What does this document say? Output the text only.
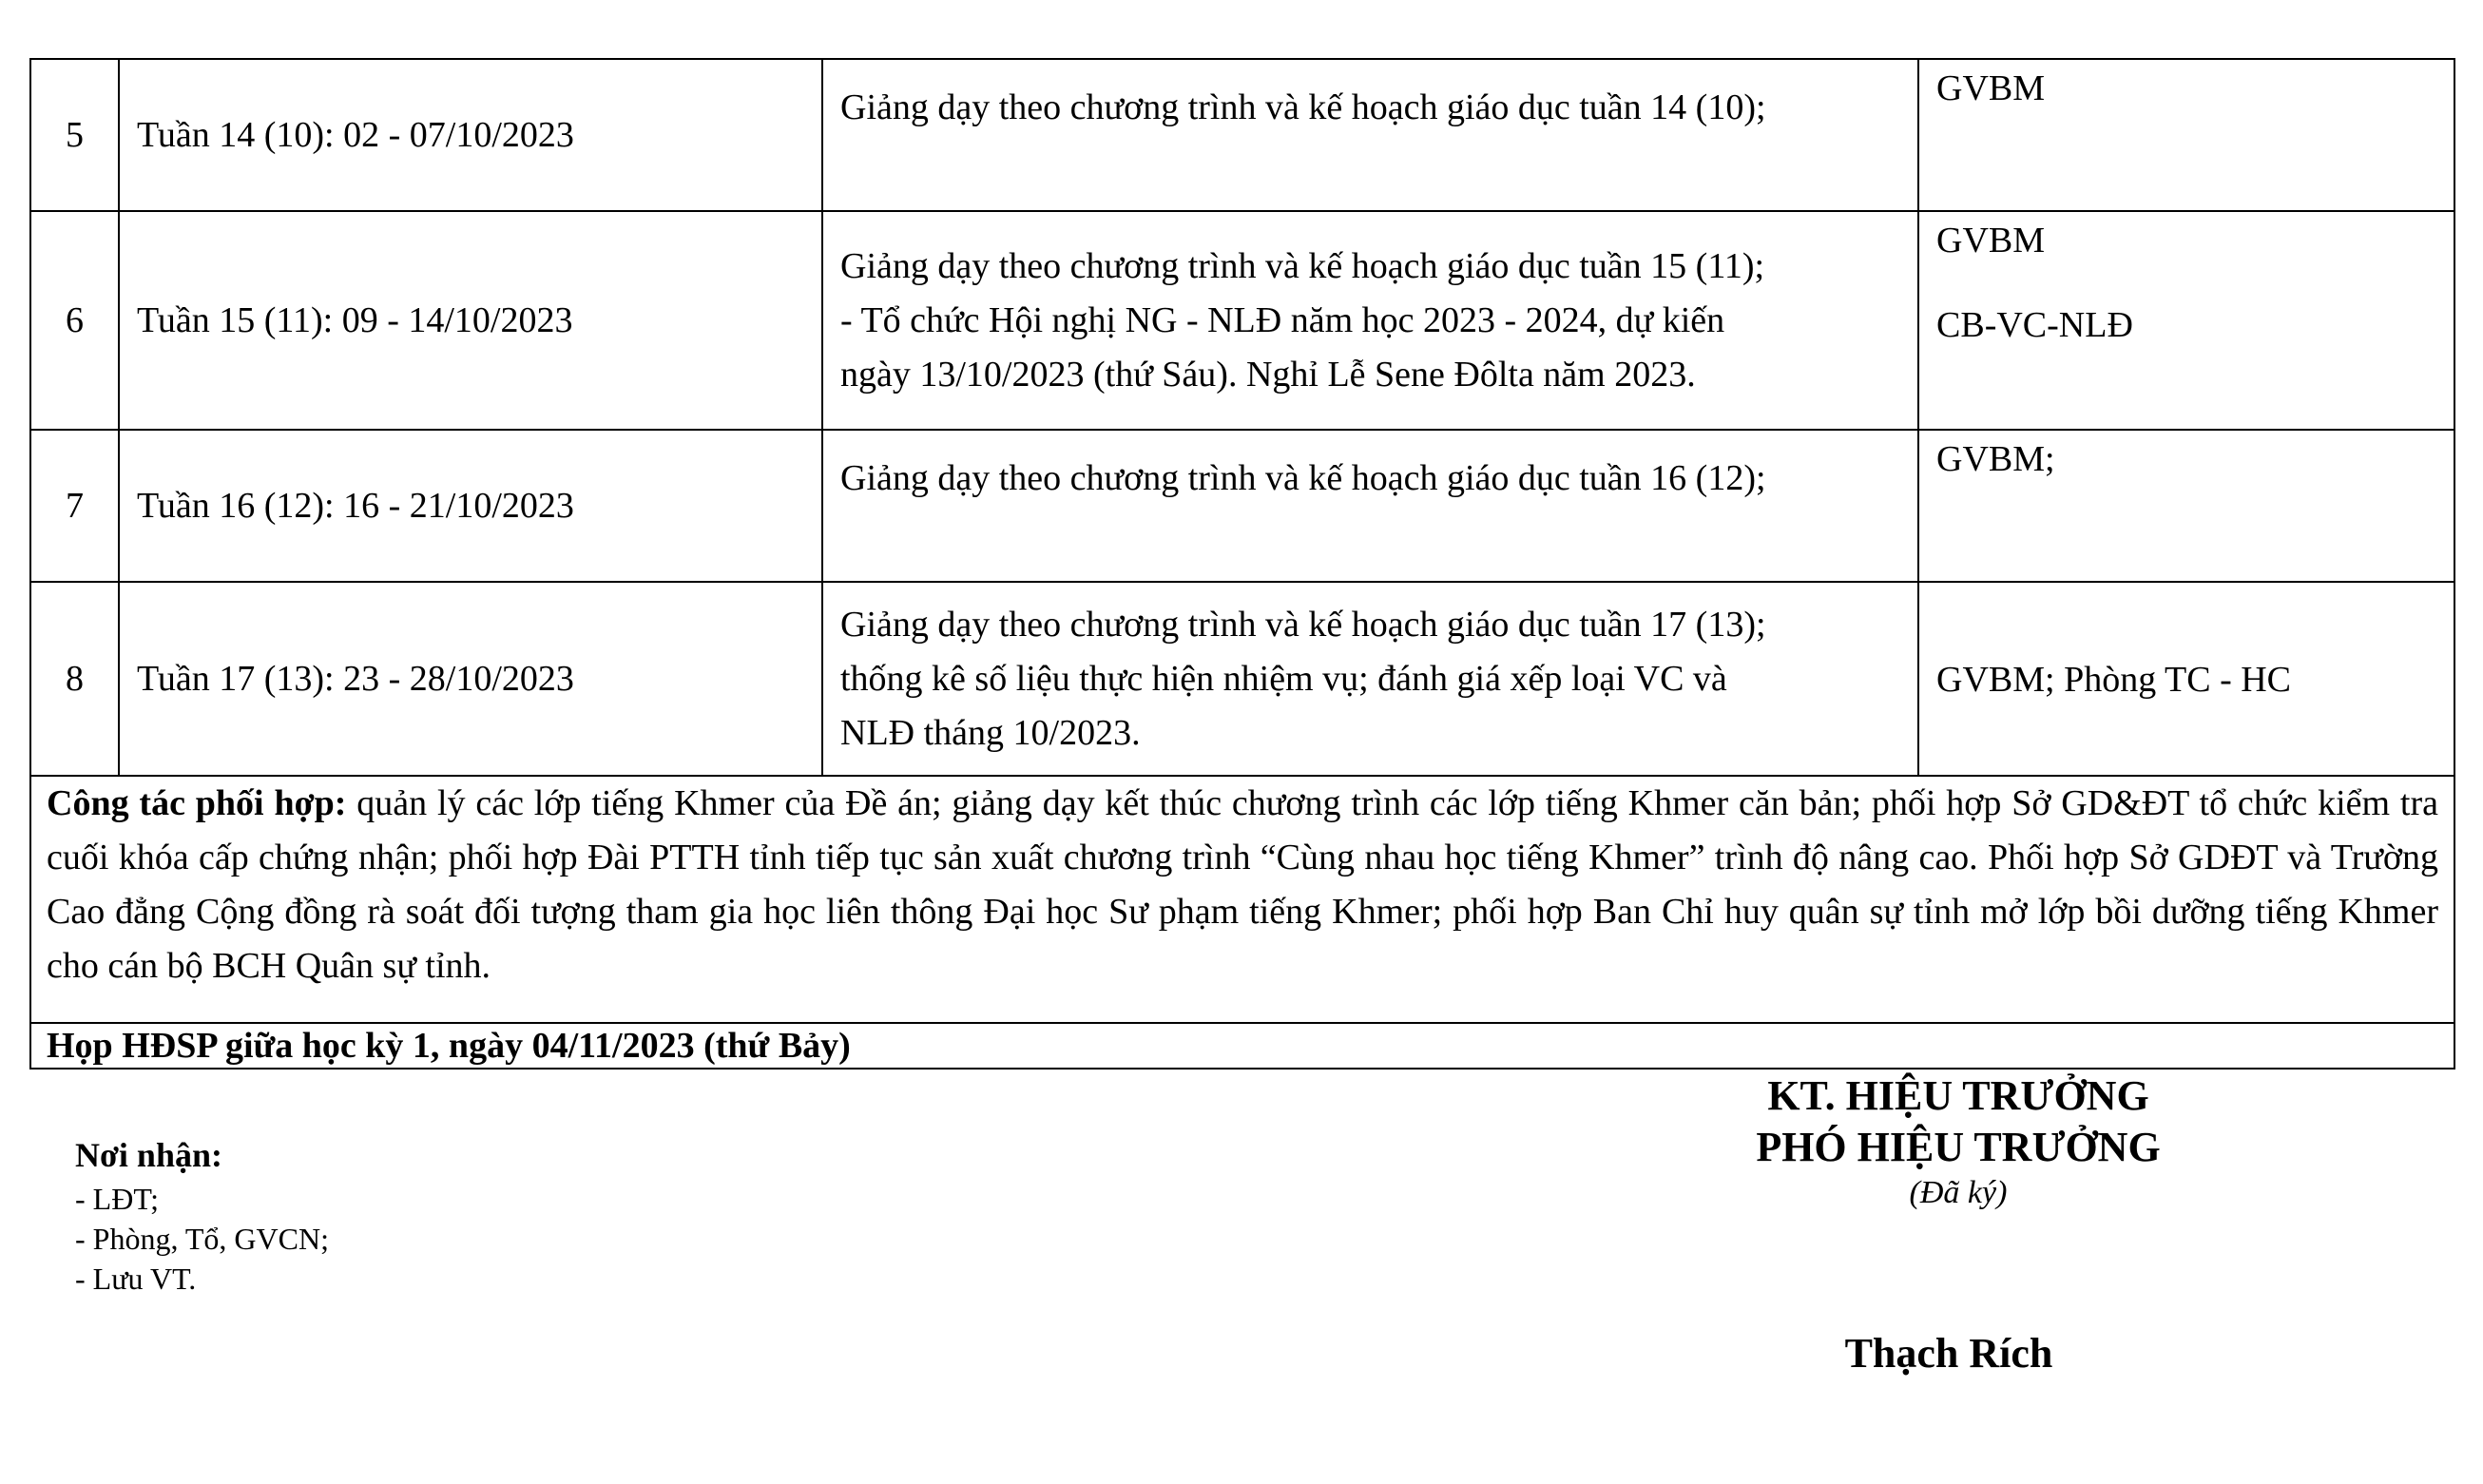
5	Tuần 14 (10): 02 - 07/10/2023	Giảng dạy theo chương trình và kế hoạch giáo dục tuần 14 (10);	GVBM

6	Tuần 15 (11): 09 - 14/10/2023	Giảng dạy theo chương trình và kế hoạch giáo dục tuần 15 (11);
- Tổ chức Hội nghị NG - NLĐ năm học 2023 - 2024, dự kiến
ngày 13/10/2023 (thứ Sáu). Nghỉ Lễ Sene Đôlta năm 2023.	GVBM
CB-VC-NLĐ

7	Tuần 16 (12): 16 - 21/10/2023	Giảng dạy theo chương trình và kế hoạch giáo dục tuần 16 (12);	GVBM;

8	Tuần 17 (13): 23 - 28/10/2023	Giảng dạy theo chương trình và kế hoạch giáo dục tuần 17 (13);
thống kê số liệu thực hiện nhiệm vụ; đánh giá xếp loại VC và
NLĐ tháng 10/2023.	GVBM; Phòng TC - HC

Công tác phối hợp: quản lý các lớp tiếng Khmer của Đề án; giảng dạy kết thúc chương trình các lớp tiếng Khmer căn bản; phối hợp Sở GD&ĐT tổ chức kiểm tra cuối khóa cấp chứng nhận; phối hợp Đài PTTH tỉnh tiếp tục sản xuất chương trình “Cùng nhau học tiếng Khmer” trình độ nâng cao. Phối hợp Sở GDĐT và Trường Cao đẳng Cộng đồng rà soát đối tượng tham gia học liên thông Đại học Sư phạm tiếng Khmer; phối hợp Ban Chỉ huy quân sự tỉnh mở lớp bồi dưỡng tiếng Khmer cho cán bộ BCH Quân sự tỉnh.			
Họp HĐSP giữa học kỳ 1, ngày 04/11/2023 (thứ Bảy)			
Nơi nhận:
- LĐT;
- Phòng, Tổ, GVCN;
- Lưu VT.
KT. HIỆU TRƯỞNG
PHÓ HIỆU TRƯỞNG
(Đã ký)
Thạch Rích
